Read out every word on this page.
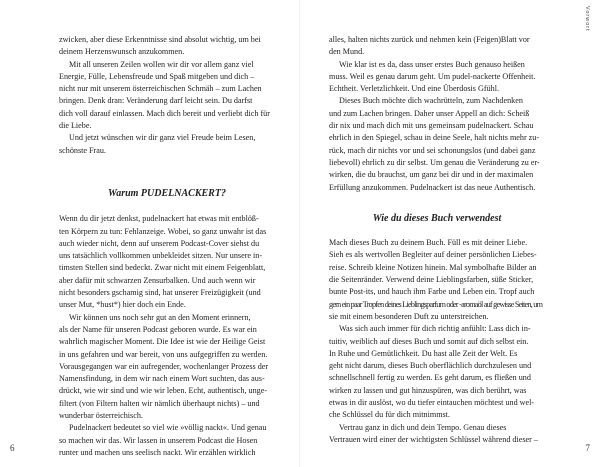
zwicken, aber diese Erkenntnisse sind absolut wichtig, um bei
deinem Herzenswunsch anzukommen.
Mit all unseren Zeilen wollen wir dir vor allem ganz viel
Energie, Fülle, Lebensfreude und Spaß mitgeben und dich –
nicht nur mit unserem österreichischen Schmäh – zum Lachen
bringen. Denk dran: Veränderung darf leicht sein. Du darfst
dich voll darauf einlassen. Mach dich bereit und verliebt dich für
die Liebe.
Und jetzt wünschen wir dir ganz viel Freude beim Lesen,
schönste Frau.
Warum PUDELNACKERT?
Wenn du dir jetzt denkst, pudelnackert hat etwas mit entblöß-
ten Körpern zu tun: Fehlanzeige. Wobei, so ganz unwahr ist das
auch wieder nicht, denn auf unserem Podcast-Cover siehst du
uns tatsächlich vollkommen unbekleidet sitzen. Nur unsere in-
timsten Stellen sind bedeckt. Zwar nicht mit einem Feigenblatt,
aber dafür mit schwarzen Zensurbalken. Und auch wenn wir
nicht besonders gschamig sind, hat unserer Freizügigkeit (und
unser Mut, *hust*) hier doch ein Ende.
Wir können uns noch sehr gut an den Moment erinnern,
als der Name für unseren Podcast geboren wurde. Es war ein
wahrlich magischer Moment. Die Idee ist wie der Heilige Geist
in uns gefahren und war bereit, von uns aufgegriffen zu werden.
Vorausgegangen war ein aufregender, wochenlanger Prozess der
Namensfindung, in dem wir nach einem Wort suchten, das aus-
drückt, wie wir sind und wie wir leben. Echt, authentisch, unge-
filtert (von Filtern halten wir nämlich überhaupt nichts) – und
wunderbar österreichisch.
Pudelnackert bedeutet so viel wie »völlig nackt«. Und genau
so machen wir das. Wir lassen in unserem Podcast die Hosen
runter und machen uns seelisch nackt. Wir erzählen wirklich
6
Vorwort
alles, halten nichts zurück und nehmen kein (Feigen)Blatt vor
den Mund.
Wie klar ist es da, dass unser erstes Buch genauso heißen
muss. Weil es genau darum geht. Um pudel-nackerte Offenheit.
Echtheit. Verletzlichkeit. Und eine Überdosis Gfühl.
Dieses Buch möchte dich wachrütteln, zum Nachdenken
und zum Lachen bringen. Daher unser Appell an dich: Scheiß
dir nix und mach dich mit uns gemeinsam pudelnackert. Schau
ehrlich in den Spiegel, schau in deine Seele, halt nichts mehr zu-
rück, mach dir nichts vor und sei schonungslos (und dabei ganz
liebevoll) ehrlich zu dir selbst. Um genau die Veränderung zu er-
wirken, die du brauchst, um ganz bei dir und in der maximalen
Erfüllung anzukommen. Pudelnackert ist das neue Authentisch.
Wie du dieses Buch verwendest
Mach dieses Buch zu deinem Buch. Füll es mit deiner Liebe.
Sieh es als wertvollen Begleiter auf deiner persönlichen Liebes-
reise. Schreib kleine Notizen hinein. Mal symbolhafte Bilder an
die Seitenränder. Verwend deine Lieblingsfarben, süße Sticker,
bunte Post-its, und hauch ihm Farbe und Leben ein. Tropf auch
gern ein paar Tropfen deines Lieblingsparfum oder -aromaöl auf gewisse Seiten, um
sie mit einem besonderen Duft zu unterstreichen.
Was sich auch immer für dich richtig anfühlt: Lass dich in-
tuitiv, weiblich auf dieses Buch und somit auf dich selbst ein.
In Ruhe und Gemütlichkeit. Du hast alle Zeit der Welt. Es
geht nicht darum, dieses Buch oberflächlich durchzulesen und
schnellschnell fertig zu werden. Es geht darum, es fließen und
wirken zu lassen und gut hinzuspüren, was dich berührt, was
etwas in dir auslöst, wo du tiefer eintauchen möchtest und wel-
che Schlüssel du für dich mitnimmst.
Vertrau ganz in dich und dein Tempo. Genau dieses
Vertrauen wird einer der wichtigsten Schlüssel während dieser –
7
